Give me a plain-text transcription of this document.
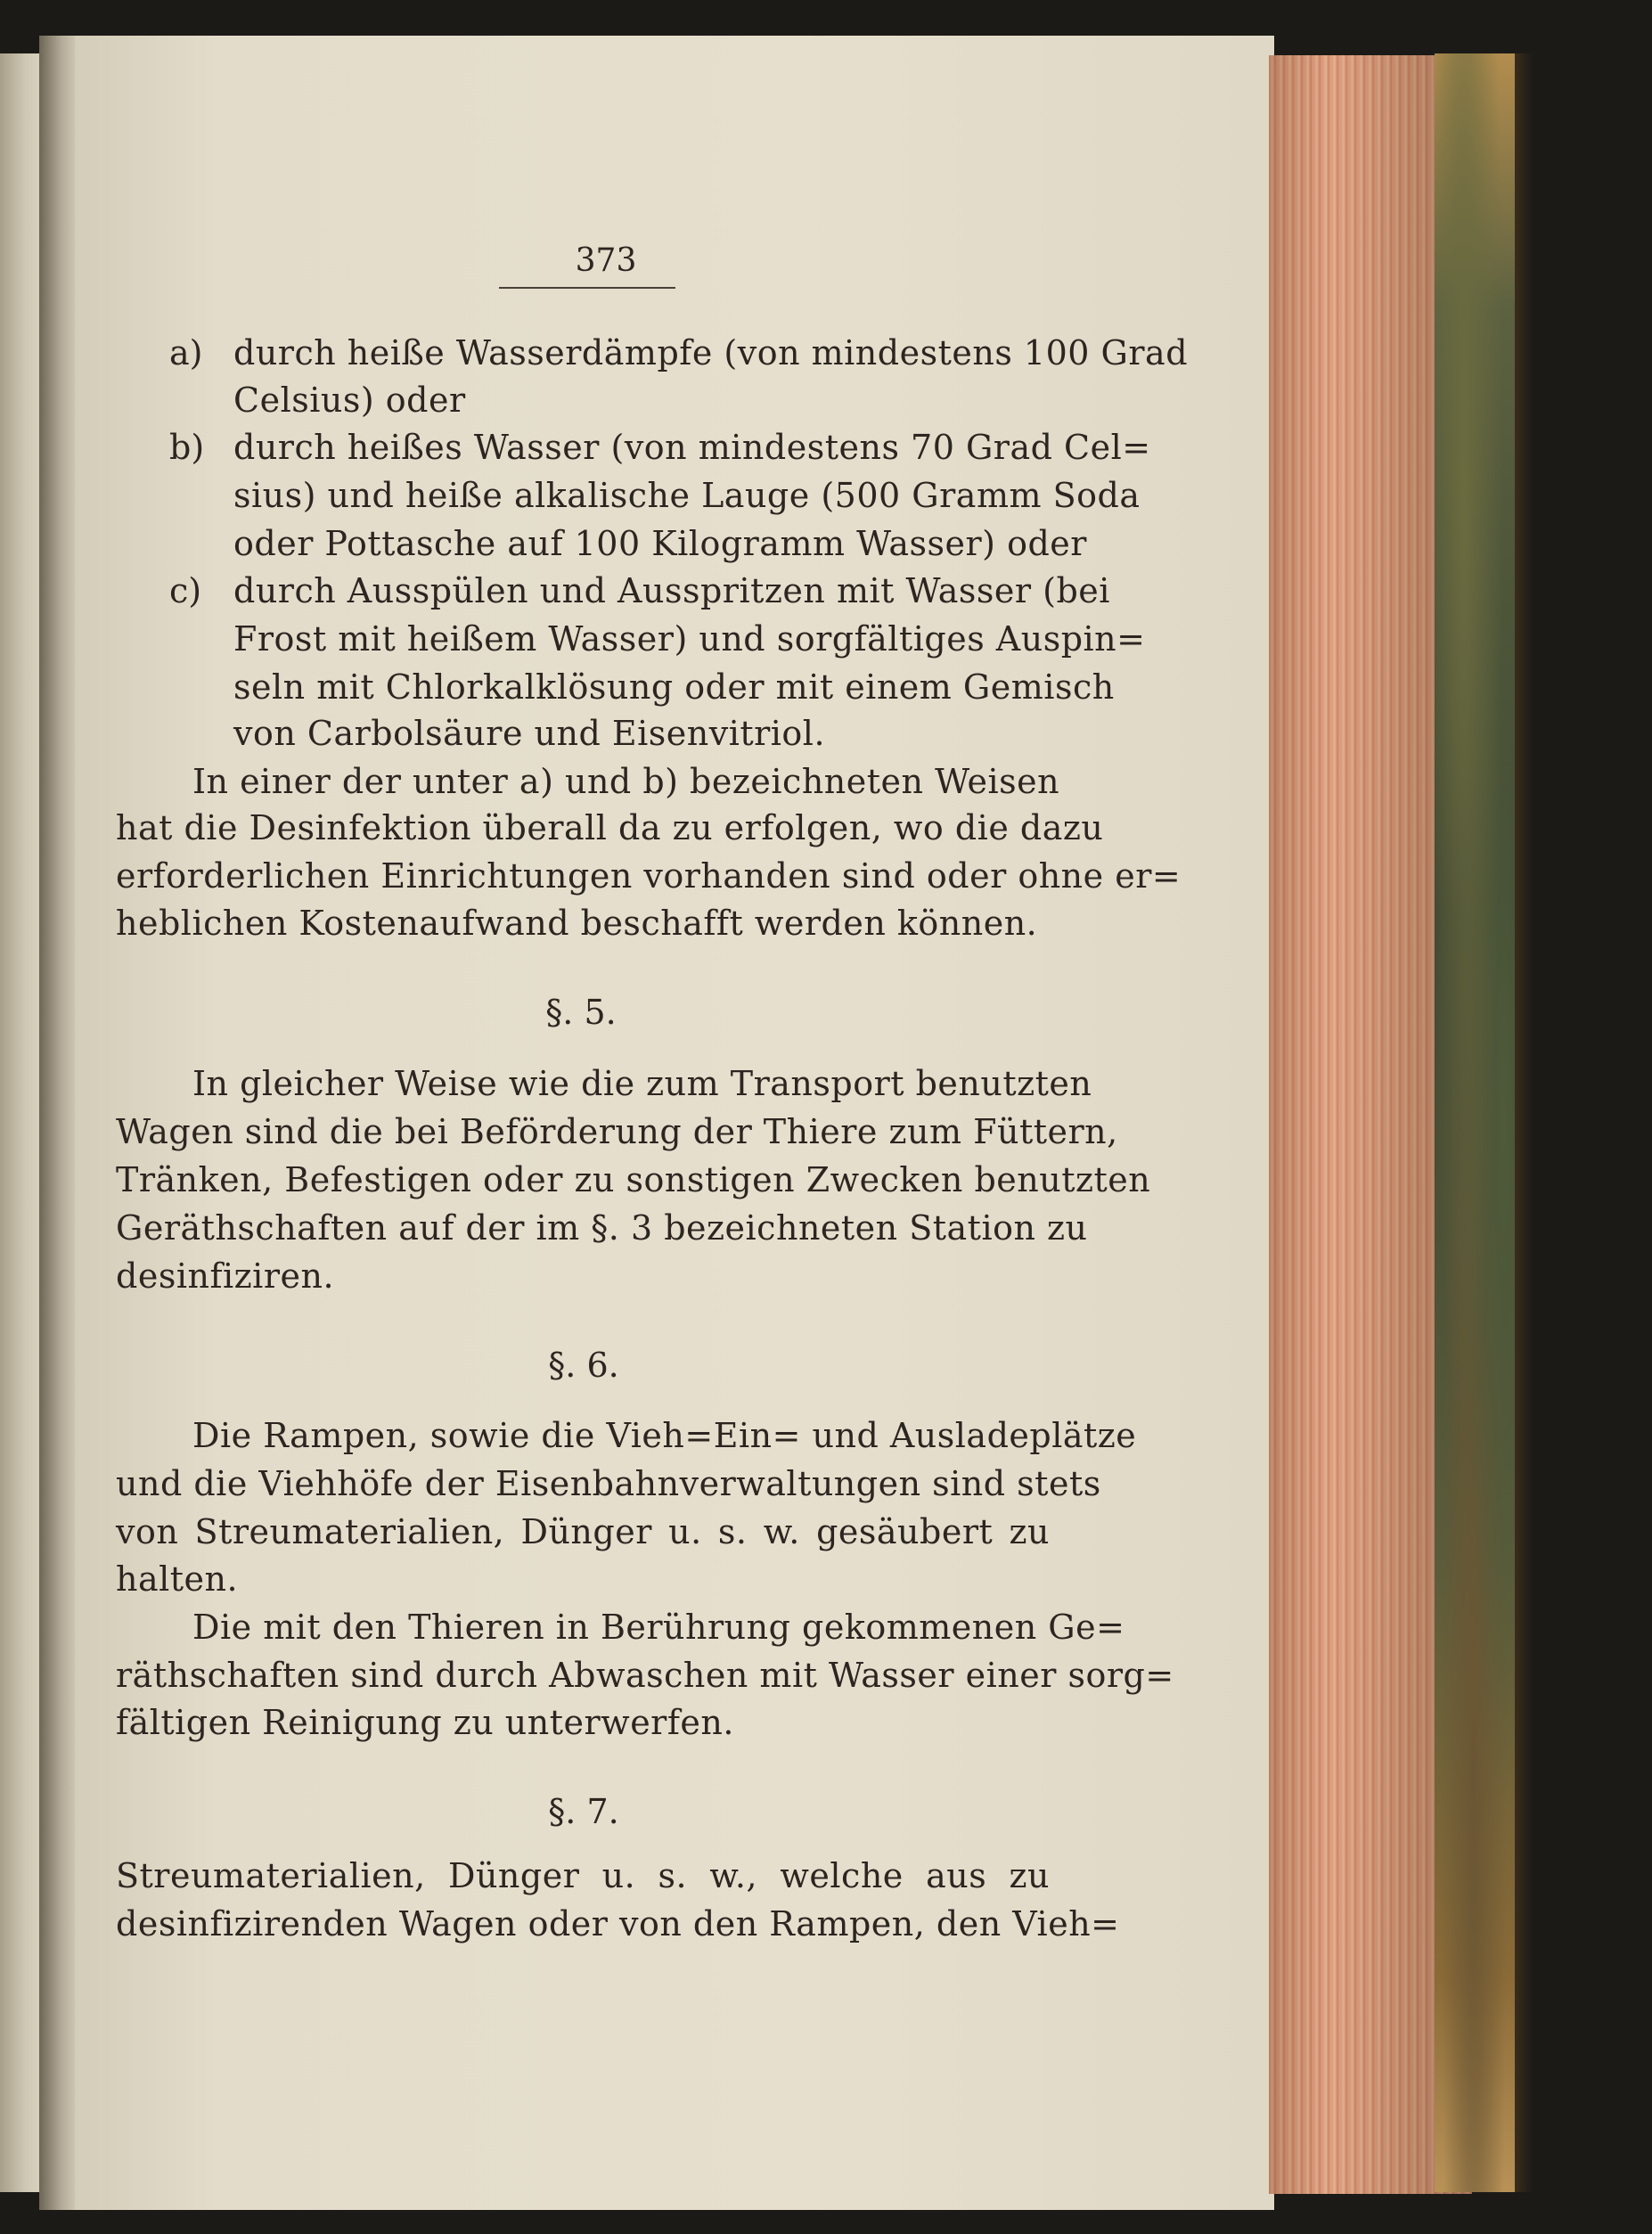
373
a) durch heiße Wasserdämpfe (von mindestens 100 Grad
Celsius) oder
b) durch heißes Wasser (von mindestens 70 Grad Cel=
sius) und heiße alkalische Lauge (500 Gramm Soda
oder Pottasche auf 100 Kilogramm Wasser) oder
c) durch Ausspülen und Ausspritzen mit Wasser (bei
Frost mit heißem Wasser) und sorgfältiges Auspin=
seln mit Chlorkalklösung oder mit einem Gemisch
von Carbolsäure und Eisenvitriol.
In einer der unter a) und b) bezeichneten Weisen
hat die Desinfektion überall da zu erfolgen, wo die dazu
erforderlichen Einrichtungen vorhanden sind oder ohne er=
heblichen Kostenaufwand beschafft werden können.
§. 5.
In gleicher Weise wie die zum Transport benutzten
Wagen sind die bei Beförderung der Thiere zum Füttern,
Tränken, Befestigen oder zu sonstigen Zwecken benutzten
Geräthschaften auf der im §. 3 bezeichneten Station zu
desinfiziren.
§. 6.
Die Rampen, sowie die Vieh=Ein= und Ausladeplätze
und die Viehhöfe der Eisenbahnverwaltungen sind stets
von Streumaterialien, Dünger u. s. w. gesäubert zu
halten.
Die mit den Thieren in Berührung gekommenen Ge=
räthschaften sind durch Abwaschen mit Wasser einer sorg=
fältigen Reinigung zu unterwerfen.
§. 7.
Streumaterialien, Dünger u. s. w., welche aus zu
desinfizirenden Wagen oder von den Rampen, den Vieh=
